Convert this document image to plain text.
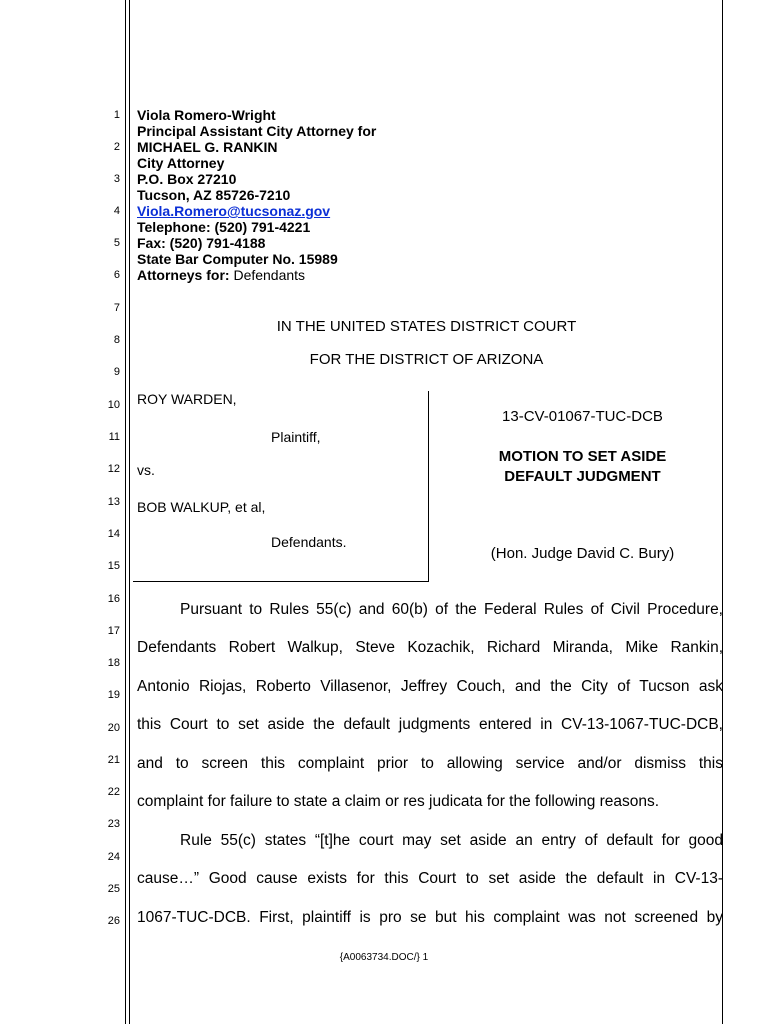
1
2
3
4
5
6
7
8
9
10
11
12
13
14
15
16
17
18
19
20
21
22
23
24
25
26
Viola Romero-Wright
Principal Assistant City Attorney for
MICHAEL G. RANKIN
City Attorney
P.O. Box 27210
Tucson, AZ 85726-7210
Viola.Romero@tucsonaz.gov
Telephone: (520) 791-4221
Fax: (520) 791-4188
State Bar Computer No. 15989
Attorneys for: Defendants
IN THE UNITED STATES DISTRICT COURT
FOR THE DISTRICT OF ARIZONA
ROY WARDEN,
Plaintiff,
vs.
BOB WALKUP, et al,
Defendants.
13-CV-01067-TUC-DCB
MOTION TO SET ASIDE
DEFAULT JUDGMENT
(Hon. Judge David C. Bury)
Pursuant to Rules 55(c) and 60(b) of the Federal Rules of Civil Procedure,
Defendants Robert Walkup, Steve Kozachik, Richard Miranda, Mike Rankin,
Antonio Riojas, Roberto Villasenor, Jeffrey Couch, and the City of Tucson ask
this Court to set aside the default judgments entered in CV-13-1067-TUC-DCB,
and to screen this complaint prior to allowing service and/or dismiss this
complaint for failure to state a claim or res judicata for the following reasons.
Rule 55(c) states “[t]he court may set aside an entry of default for good
cause…” Good cause exists for this Court to set aside the default in CV-13-
1067-TUC-DCB. First, plaintiff is pro se but his complaint was not screened by
{A0063734.DOC/} 1
